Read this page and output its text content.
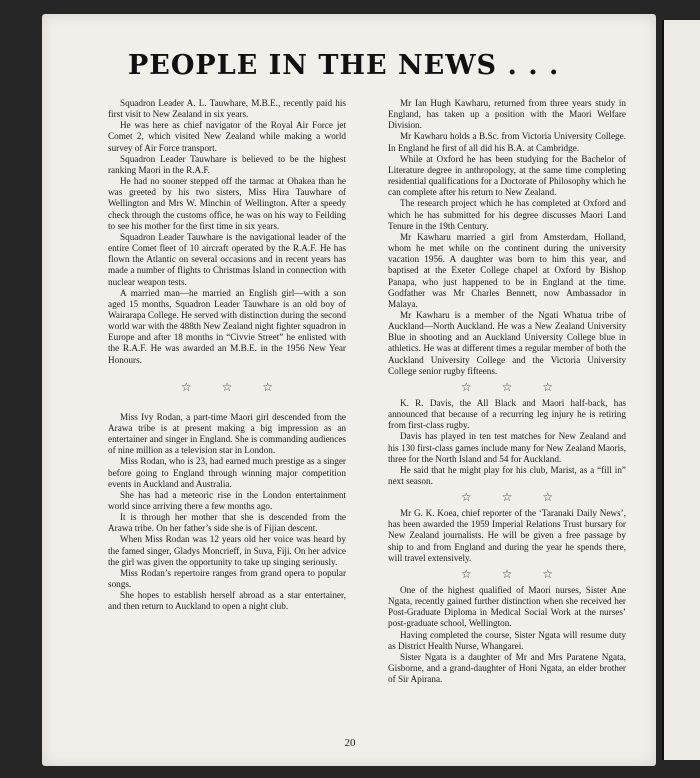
PEOPLE IN THE NEWS . . .

Squadron Leader A. L. Tauwhare, M.B.E., recently paid his first visit to New Zealand in six years.

He was here as chief navigator of the Royal Air Force jet Comet 2, which visited New Zealand while making a world survey of Air Force transport.

Squadron Leader Tauwhare is believed to be the highest ranking Maori in the R.A.F.

He had no sooner stepped off the tarmac at Ohakea than he was greeted by his two sisters, Miss Hira Tauwhare of Wellington and Mrs W. Minchin of Wellington. After a speedy check through the customs office, he was on his way to Feilding to see his mother for the first time in six years.

Squadron Leader Tauwhare is the navigational leader of the entire Comet fleet of 10 aircraft operated by the R.A.F. He has flown the Atlantic on several occasions and in recent years has made a number of flights to Christmas Island in connection with nuclear weapon tests.

A married man—he married an English girl—with a son aged 15 months, Squadron Leader Tauwhare is an old boy of Wairarapa College. He served with distinction during the second world war with the 488th New Zealand night fighter squadron in Europe and after 18 months in “Civvie Street” he enlisted with the R.A.F. He was awarded an M.B.E. in the 1956 New Year Honours.

☆	☆	☆

Miss Ivy Rodan, a part-time Maori girl descended from the Arawa tribe is at present making a big impression as an entertainer and singer in England. She is commanding audiences of nine million as a television star in London.

Miss Rodan, who is 23, had earned much prestige as a singer before going to England through winning major competition events in Auckland and Australia.

She has had a meteoric rise in the London entertainment world since arriving there a few months ago.

It is through her mother that she is descended from the Arawa tribe. On her father’s side she is of Fijian descent.

When Miss Rodan was 12 years old her voice was heard by the famed singer, Gladys Moncrieff, in Suva, Fiji. On her advice the girl was given the opportunity to take up singing seriously.

Miss Rodan’s repertoire ranges from grand opera to popular songs.

She hopes to establish herself abroad as a star entertainer, and then return to Auckland to open a night club.

Mr Ian Hugh Kawharu, returned from three years study in England, has taken up a position with the Maori Welfare Division.

Mr Kawharu holds a B.Sc. from Victoria University College. In England he first of all did his B.A. at Cambridge.

While at Oxford he has been studying for the Bachelor of Literature degree in anthropology, at the same time completing residential qualifications for a Doctorate of Philosophy which he can complete after his return to New Zealand.

The research project which he has completed at Oxford and which he has submitted for his degree discusses Maori Land Tenure in the 19th Century.

Mr Kawharu married a girl from Amsterdam, Holland, whom he met while on the continent during the university vacation 1956. A daughter was born to him this year, and baptised at the Exeter College chapel at Oxford by Bishop Panapa, who just happened to be in England at the time. Godfather was Mr Charles Bennett, now Ambassador in Malaya.

Mr Kawharu is a member of the Ngati Whatua tribe of Auckland—North Auckland. He was a New Zealand University Blue in shooting and an Auckland University College blue in athletics. He was at different times a regular member of both the Auckland University College and the Victoria University College senior rugby fifteens.

☆	☆	☆

K. R. Davis, the All Black and Maori half-back, has announced that because of a recurring leg injury he is retiring from first-class rugby.

Davis has played in ten test matches for New Zealand and his 130 first-class games include many for New Zealand Maoris, three for the North Island and 54 for Auckland.

He said that he might play for his club, Marist, as a “fill in” next season.

☆	☆	☆

Mr G. K. Koea, chief reporter of the ‘Taranaki Daily News’, has been awarded the 1959 Imperial Relations Trust bursary for New Zealand journalists. He will be given a free passage by ship to and from England and during the year he spends there, will travel extensively.

☆	☆	☆

One of the highest qualified of Maori nurses, Sister Ane Ngata, recently gained further distinction when she received her Post-Graduate Diploma in Medical Social Work at the nurses’ post-graduate school, Wellington.

Having completed the course, Sister Ngata will resume duty as District Health Nurse, Whangarei.

Sister Ngata is a daughter of Mr and Mrs Paratene Ngata, Gisborne, and a grand-daughter of Honi Ngata, an elder brother of Sir Apirana.

20
